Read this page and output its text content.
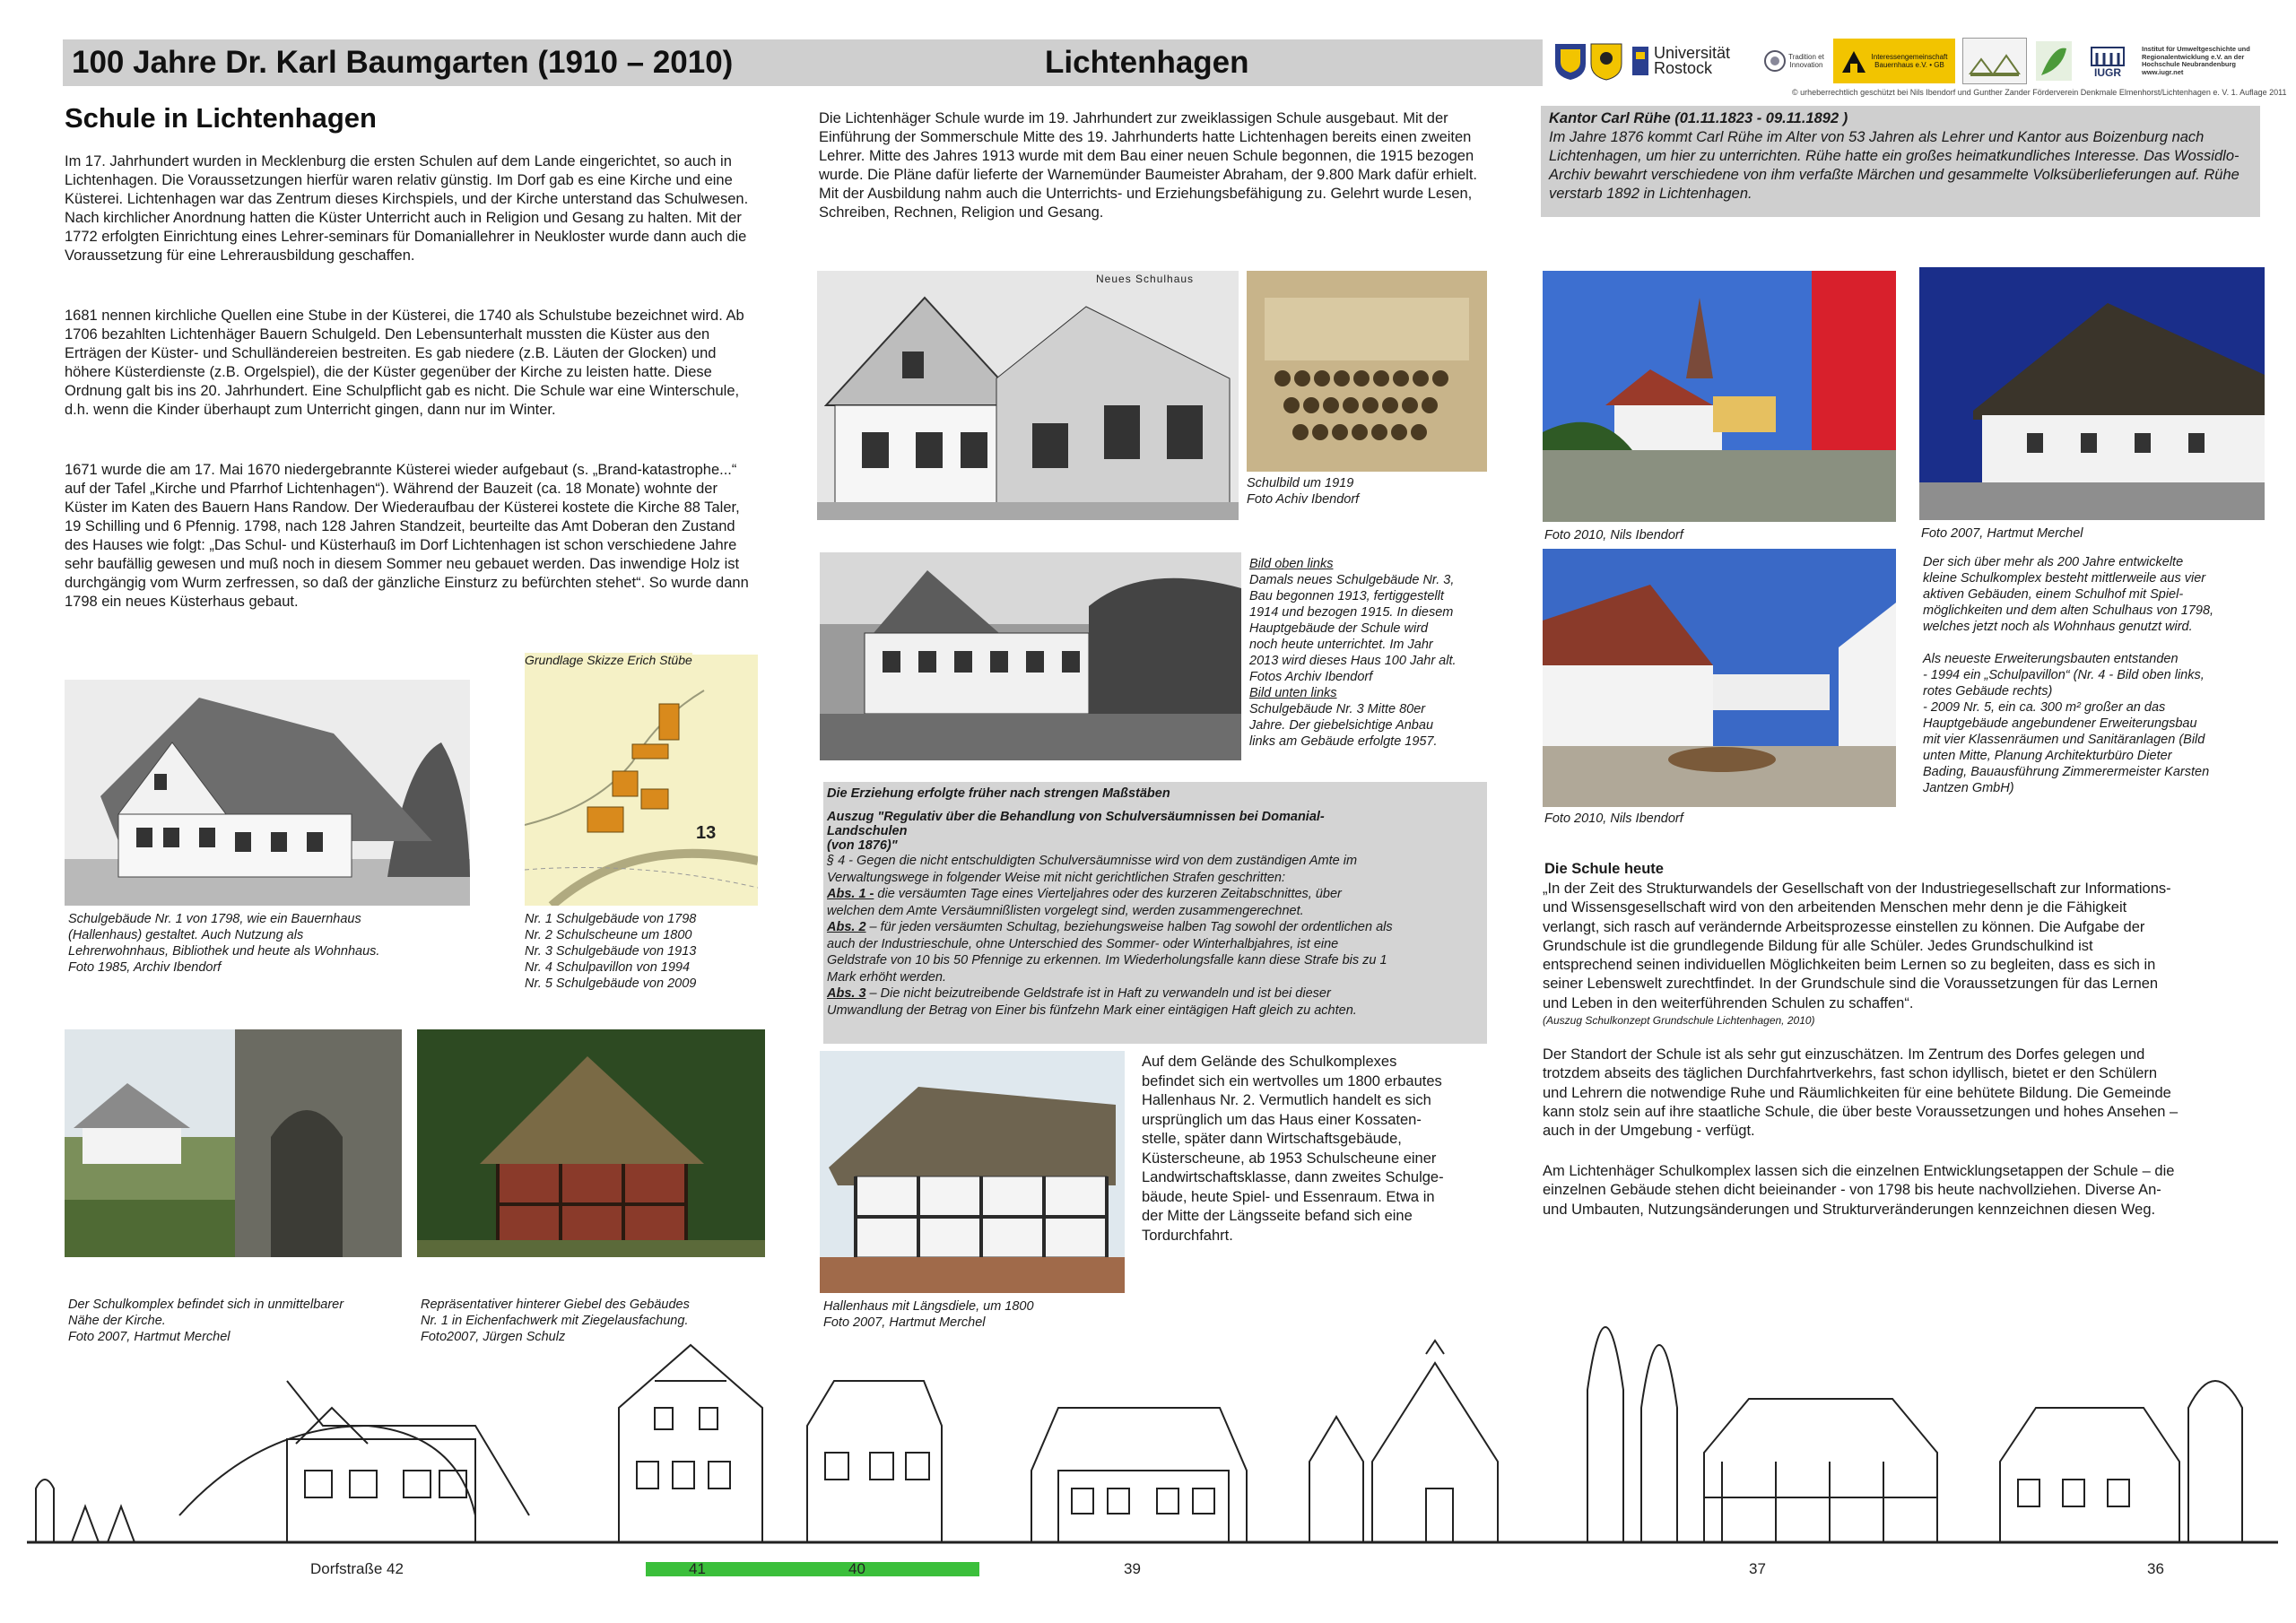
100 Jahre Dr. Karl Baumgarten (1910 – 2010)	Lichtenhagen	Universität Rostock
Tradition et Innovation
Interessengemeinschaft Bauernhaus e.V. • GB
IUGR
Institut für Umweltgeschichte und Regionalentwicklung e.V. an der Hochschule Neubrandenburg www.iugr.net
© urheberrechtlich geschützt bei Nils Ibendorf und Gunther Zander Förderverein Denkmale Elmenhorst/Lichtenhagen e. V. 1. Auflage 2011
Schule in Lichtenhagen

Im 17. Jahrhundert wurden in Mecklenburg die ersten Schulen auf dem Lande eingerichtet, so auch in Lichtenhagen. Die Voraussetzungen hierfür waren relativ günstig. Im Dorf gab es eine Kirche und eine Küsterei. Lichtenhagen war das Zentrum dieses Kirchspiels, und der Kirche unterstand das Schulwesen. Nach kirchlicher Anordnung hatten die Küster Unterricht auch in Religion und Gesang zu halten. Mit der 1772 erfolgten Einrichtung eines Lehrer-seminars für Domaniallehrer in Neukloster wurde dann auch die Voraussetzung für eine Lehrerausbildung geschaffen.

1681 nennen kirchliche Quellen eine Stube in der Küsterei, die 1740 als Schulstube bezeichnet wird. Ab 1706 bezahlten Lichtenhäger Bauern Schulgeld. Den Lebensunterhalt mussten die Küster aus den Erträgen der Küster- und Schulländereien bestreiten. Es gab niedere (z.B. Läuten der Glocken) und höhere Küsterdienste (z.B. Orgelspiel), die der Küster gegenüber der Kirche zu leisten hatte. Diese Ordnung galt bis ins 20. Jahrhundert. Eine Schulpflicht gab es nicht. Die Schule war eine Winterschule, d.h. wenn die Kinder überhaupt zum Unterricht gingen, dann nur im Winter.

1671 wurde die am 17. Mai 1670 niedergebrannte Küsterei wieder aufgebaut (s. „Brand-katastrophe...“ auf der Tafel „Kirche und Pfarrhof Lichtenhagen“). Während der Bauzeit (ca. 18 Monate) wohnte der Küster im Katen des Bauern Hans Randow. Der Wiederaufbau der Küsterei kostete die Kirche 88 Taler, 19 Schilling und 6 Pfennig. 1798, nach 128 Jahren Standzeit, beurteilte das Amt Doberan den Zustand des Hauses wie folgt: „Das Schul- und Küsterhauß im Dorf Lichtenhagen ist schon verschiedene Jahre sehr baufällig gewesen und muß noch in diesem Sommer neu gebauet werden. Das inwendige Holz ist durchgängig vom Wurm zerfressen, so daß der gänzliche Einsturz zu befürchten stehet“. So wurde dann 1798 ein neues Küsterhaus gebaut.

Schulgebäude Nr. 1 von 1798, wie ein Bauernhaus
(Hallenhaus) gestaltet. Auch Nutzung als
Lehrerwohnhaus, Bibliothek und heute als Wohnhaus.
Foto 1985, Archiv Ibendorf
Grundlage Skizze Erich Stübe
13
Nr. 1 Schulgebäude von 1798
Nr. 2 Schulscheune um 1800
Nr. 3 Schulgebäude von 1913
Nr. 4 Schulpavillon von 1994
Nr. 5 Schulgebäude von 2009
Der Schulkomplex befindet sich in unmittelbarer
Nähe der Kirche.
Foto 2007, Hartmut Merchel
Repräsentativer hinterer Giebel des Gebäudes
Nr. 1 in Eichenfachwerk mit Ziegelausfachung.
Foto2007, Jürgen Schulz

Die Lichtenhäger Schule wurde im 19. Jahrhundert zur zweiklassigen Schule ausgebaut. Mit der Einführung der Sommerschule Mitte des 19. Jahrhunderts hatte Lichtenhagen bereits einen zweiten Lehrer. Mitte des Jahres 1913 wurde mit dem Bau einer neuen Schule begonnen, die 1915 bezogen wurde. Die Pläne dafür lieferte der Warnemünder Baumeister Abraham, der 9.800 Mark dafür erhielt. Mit der Ausbildung nahm auch die Unterrichts- und Erziehungsbefähigung zu. Gelehrt wurde Lesen, Schreiben, Rechnen, Religion und Gesang.

Neues Schulhaus
Schulbild um 1919
Foto Achiv Ibendorf
Bild oben links
Damals neues Schulgebäude Nr. 3,
Bau begonnen 1913, fertiggestellt
1914 und bezogen 1915. In diesem
Hauptgebäude der Schule wird
noch heute unterrichtet. Im Jahr
2013 wird dieses Haus 100 Jahr alt.
Fotos Archiv Ibendorf
Bild unten links
Schulgebäude Nr. 3 Mitte 80er
Jahre. Der giebelsichtige Anbau
links am Gebäude erfolgte 1957.
Die Erziehung erfolgte früher nach strengen Maßstäben
Auszug "Regulativ über die Behandlung von Schulversäumnissen bei Domanial-
Landschulen
(von 1876)"
§ 4 - Gegen die nicht entschuldigten Schulversäumnisse wird von dem zuständigen Amte im
Verwaltungswege in folgender Weise mit nicht gerichtlichen Strafen geschritten:
Abs. 1 - die versäumten Tage eines Vierteljahres oder des kurzeren Zeitabschnittes, über
welchen dem Amte Versäumnißlisten vorgelegt sind, werden zusammengerechnet.
Abs. 2 – für jeden versäumten Schultag, beziehungsweise halben Tag sowohl der ordentlichen als
auch der Industrieschule, ohne Unterschied des Sommer- oder Winterhalbjahres, ist eine
Geldstrafe von 10 bis 50 Pfennige zu erkennen. Im Wiederholungsfalle kann diese Strafe bis zu 1
Mark erhöht werden.
Abs. 3 – Die nicht beizutreibende Geldstrafe ist in Haft zu verwandeln und ist bei dieser
Umwandlung der Betrag von Einer bis fünfzehn Mark einer eintägigen Haft gleich zu achten.
Hallenhaus mit Längsdiele, um 1800
Foto 2007, Hartmut Merchel
Auf dem Gelände des Schulkomplexes
befindet sich ein wertvolles um 1800 erbautes
Hallenhaus Nr. 2. Vermutlich handelt es sich
ursprünglich um das Haus einer Kossaten-
stelle, später dann Wirtschaftsgebäude,
Küsterscheune, ab 1953 Schulscheune einer
Landwirtschaftsklasse, dann zweites Schulge-
bäude, heute Spiel- und Essenraum. Etwa in
der Mitte der Längsseite befand sich eine
Tordurchfahrt.
Kantor Carl Rühe (01.11.1823 - 09.11.1892 )
Im Jahre 1876 kommt Carl Rühe im Alter von 53 Jahren als Lehrer und Kantor aus Boizenburg nach Lichtenhagen, um hier zu unterrichten. Rühe hatte ein großes heimatkundliches Interesse. Das Wossidlo-Archiv bewahrt verschiedene von ihm verfaßte Märchen und gesammelte Volksüberlieferungen auf. Rühe verstarb 1892 in Lichtenhagen.
Foto 2010, Nils Ibendorf	Foto 2007, Hartmut Merchel
Foto 2010, Nils Ibendorf
Der sich über mehr als 200 Jahre entwickelte
kleine Schulkomplex besteht mittlerweile aus vier
aktiven Gebäuden, einem Schulhof mit Spiel-
möglichkeiten und dem alten Schulhaus von 1798,
welches jetzt noch als Wohnhaus genutzt wird.
Als neueste Erweiterungsbauten entstanden
- 1994 ein „Schulpavillon“ (Nr. 4 - Bild oben links,
rotes Gebäude rechts)
- 2009 Nr. 5, ein ca. 300 m² großer an das
Hauptgebäude angebundener Erweiterungsbau
mit vier Klassenräumen und Sanitäranlagen (Bild
unten Mitte, Planung Architekturbüro Dieter
Bading, Bauausführung Zimmerermeister Karsten
Jantzen GmbH)
Die Schule heute
„In der Zeit des Strukturwandels der Gesellschaft von der Industriegesellschaft zur Informations-
und Wissensgesellschaft wird von den arbeitenden Menschen mehr denn je die Fähigkeit
verlangt, sich rasch auf verändernde Arbeitsprozesse einstellen zu können. Die Aufgabe der
Grundschule ist die grundlegende Bildung für alle Schüler. Jedes Grundschulkind ist
entsprechend seinen individuellen Möglichkeiten beim Lernen so zu begleiten, dass es sich in
seiner Lebenswelt zurechtfindet. In der Grundschule sind die Voraussetzungen für das Lernen
und Leben in den weiterführenden Schulen zu schaffen“.
(Auszug Schulkonzept Grundschule Lichtenhagen, 2010)
Der Standort der Schule ist als sehr gut einzuschätzen. Im Zentrum des Dorfes gelegen und
trotzdem abseits des täglichen Durchfahrtverkehrs, fast schon idyllisch, bietet er den Schülern
und Lehrern die notwendige Ruhe und Räumlichkeiten für eine behütete Bildung. Die Gemeinde
kann stolz sein auf ihre staatliche Schule, die über beste Voraussetzungen und hohes Ansehen –
auch in der Umgebung - verfügt.
Am Lichtenhäger Schulkomplex lassen sich die einzelnen Entwicklungsetappen der Schule – die
einzelnen Gebäude stehen dicht beieinander - von 1798 bis heute nachvollziehen. Diverse An-
und Umbauten, Nutzungsänderungen und Strukturveränderungen kennzeichnen diesen Weg.
Dorfstraße 42	41	40	39	37	36
